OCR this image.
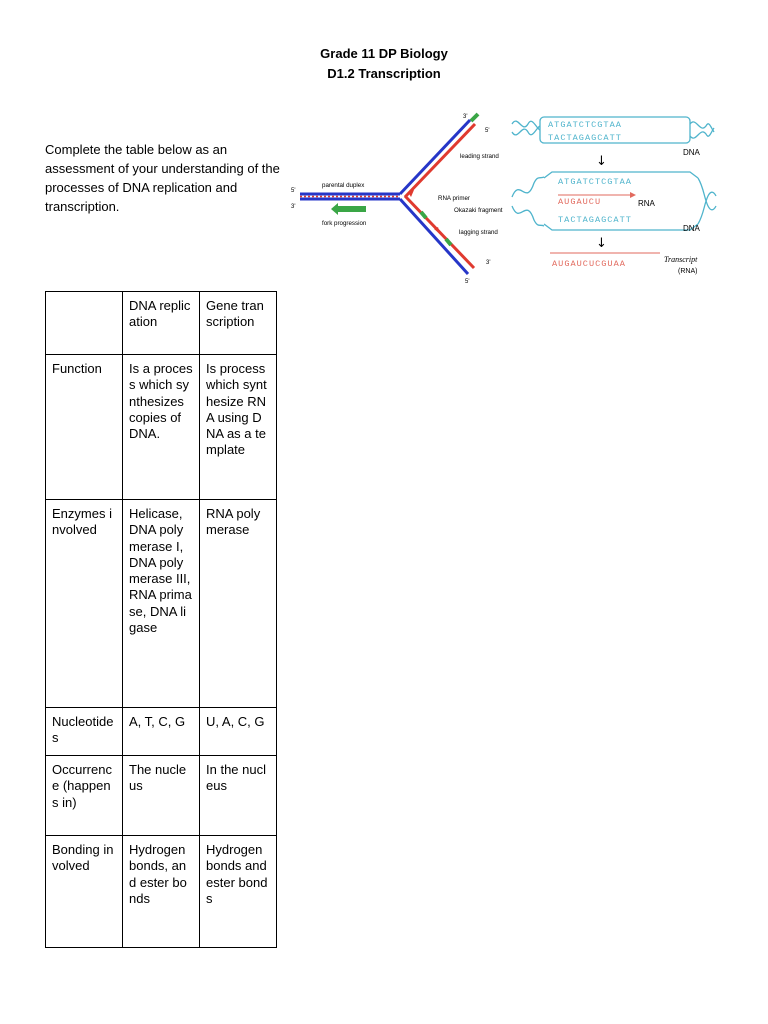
Grade 11 DP Biology
D1.2 Transcription
Complete the table below as an assessment of your understanding of the processes of DNA replication and transcription.
5'
3'
parental duplex
fork progression
3'
5'
leading strand
RNA primer
Okazaki fragment
lagging strand
3'
5'
ATGATCTCGTAA
TACTAGAGCATT
DNA
↓
ATGATCTCGTAA
AUGAUCU	RNA
TACTAGAGCATT
DNA
↓
AUGAUCUCGUAA	Transcript
(RNA)
	DNA replication	Gene transcription
Function	Is a process which synthesizes copies of DNA.	Is process which synthesize RNA using DNA as a template
Enzymes involved	Helicase, DNA polymerase I, DNA polymerase III, RNA primase, DNA ligase	RNA polymerase
Nucleotides	A, T, C, G	U, A, C, G
Occurrence (happens in)	The nucleus	In the nucleus
Bonding involved	Hydrogen bonds, and ester bonds	Hydrogen bonds and ester bonds
